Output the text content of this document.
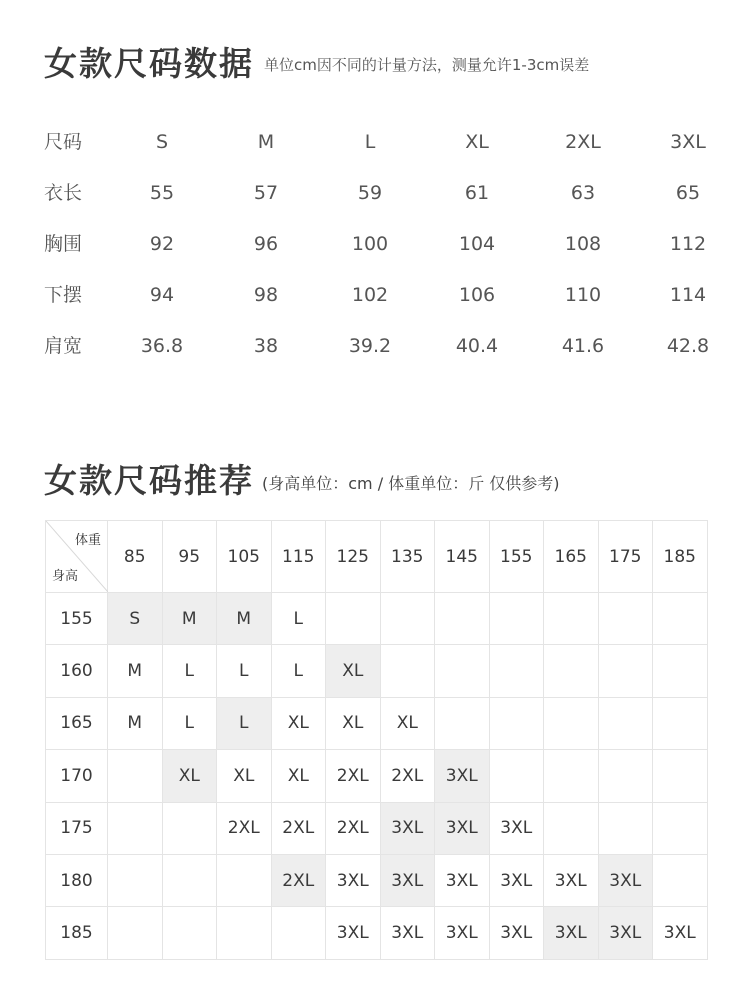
女款尺码数据 单位cm因不同的计量方法，测量允许1-3cm误差
尺码	S	M	L	XL	2XL	3XL
衣长	55	57	59	61	63	65
胸围	92	96	100	104	108	112
下摆	94	98	102	106	110	114
肩宽	36.8	38	39.2	40.4	41.6	42.8
女款尺码推荐 (身高单位：cm / 体重单位：斤 仅供参考)
体重
身高	85	95	105	115	125	135	145	155	165	175	185
155	S	M	M	L							
160	M	L	L	L	XL						
165	M	L	L	XL	XL	XL					
170		XL	XL	XL	2XL	2XL	3XL				
175			2XL	2XL	2XL	3XL	3XL	3XL			
180				2XL	3XL	3XL	3XL	3XL	3XL	3XL	
185					3XL	3XL	3XL	3XL	3XL	3XL	3XL
